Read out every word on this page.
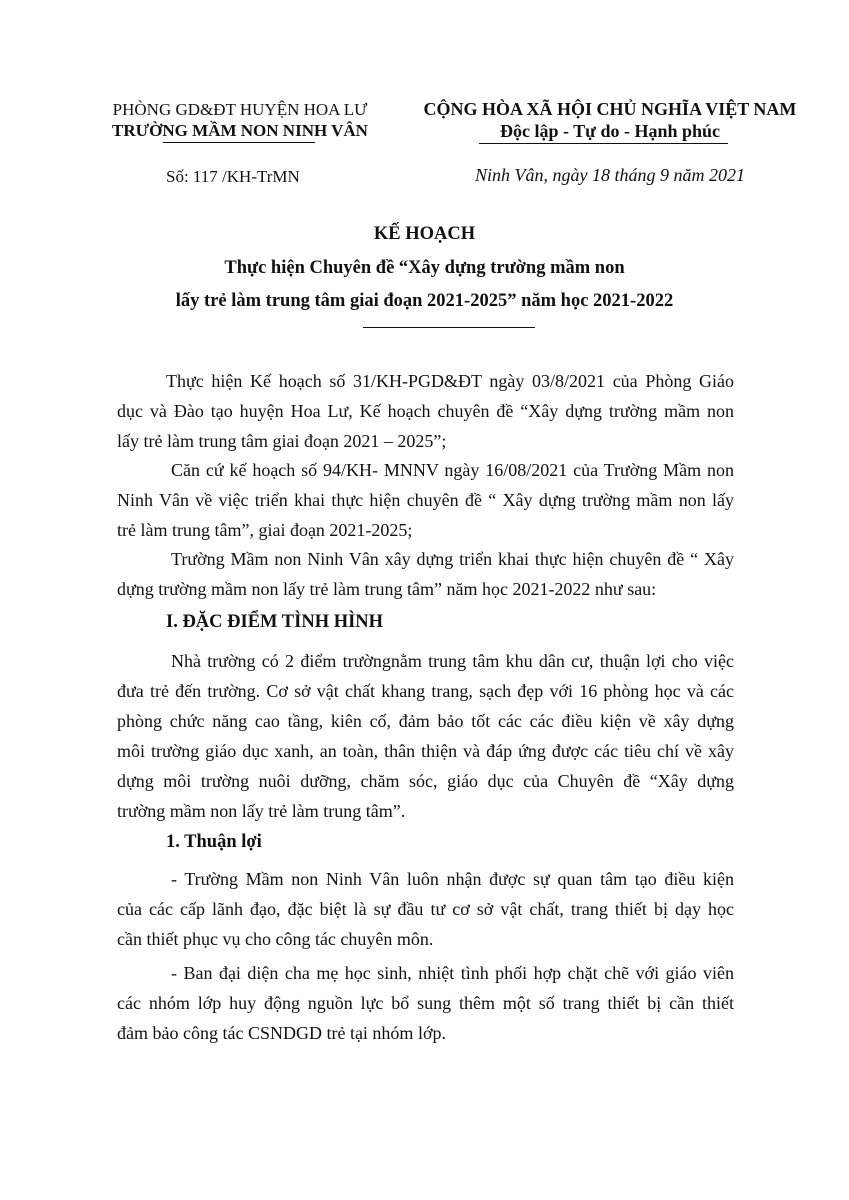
PHÒNG GD&ĐT HUYỆN HOA LƯ
TRƯỜNG MẦM NON NINH VÂN
Số: 117 /KH-TrMN
CỘNG HÒA XÃ HỘI CHỦ NGHĨA VIỆT NAM
Độc lập - Tự do - Hạnh phúc
Ninh Vân, ngày 18 tháng 9 năm 2021
KẾ HOẠCH
Thực hiện Chuyên đề “Xây dựng trường mầm non
lấy trẻ làm trung tâm giai đoạn 2021-2025” năm học 2021-2022
Thực hiện Kế hoạch số 31/KH-PGD&ĐT ngày 03/8/2021 của Phòng Giáo
dục và Đào tạo huyện Hoa Lư, Kế hoạch chuyên đề “Xây dựng trường mầm non
lấy trẻ làm trung tâm giai đoạn 2021 – 2025”;
Căn cứ kế hoạch số 94/KH- MNNV ngày 16/08/2021 của Trường Mầm non
Ninh Vân về việc triển khai thực hiện chuyên đề “ Xây dựng trường mầm non lấy
trẻ làm trung tâm”, giai đoạn 2021-2025;
Trường Mầm non Ninh Vân xây dựng triển khai thực hiện chuyên đề “ Xây
dựng trường mầm non lấy trẻ làm trung tâm” năm học 2021-2022 như sau:
I. ĐẶC ĐIỂM TÌNH HÌNH
Nhà trường có 2 điểm trườngnằm trung tâm khu dân cư, thuận lợi cho việc
đưa trẻ đến trường. Cơ sở vật chất khang trang, sạch đẹp với 16 phòng học và các
phòng chức năng cao tầng, kiên cố, đảm bảo tốt các các điều kiện về xây dựng
môi trường giáo dục xanh, an toàn, thân thiện và đáp ứng được các tiêu chí về xây
dựng môi trường nuôi dưỡng, chăm sóc, giáo dục của Chuyên đề “Xây dựng
trường mầm non lấy trẻ làm trung tâm”.
1. Thuận lợi
- Trường Mầm non Ninh Vân luôn nhận được sự quan tâm tạo điều kiện
của các cấp lãnh đạo, đặc biệt là sự đầu tư cơ sở vật chất, trang thiết bị dạy học
cần thiết phục vụ cho công tác chuyên môn.
- Ban đại diện cha mẹ học sinh, nhiệt tình phối hợp chặt chẽ với giáo viên
các nhóm lớp huy động nguồn lực bổ sung thêm một số trang thiết bị cần thiết
đảm bảo công tác CSNDGD trẻ tại nhóm lớp.
